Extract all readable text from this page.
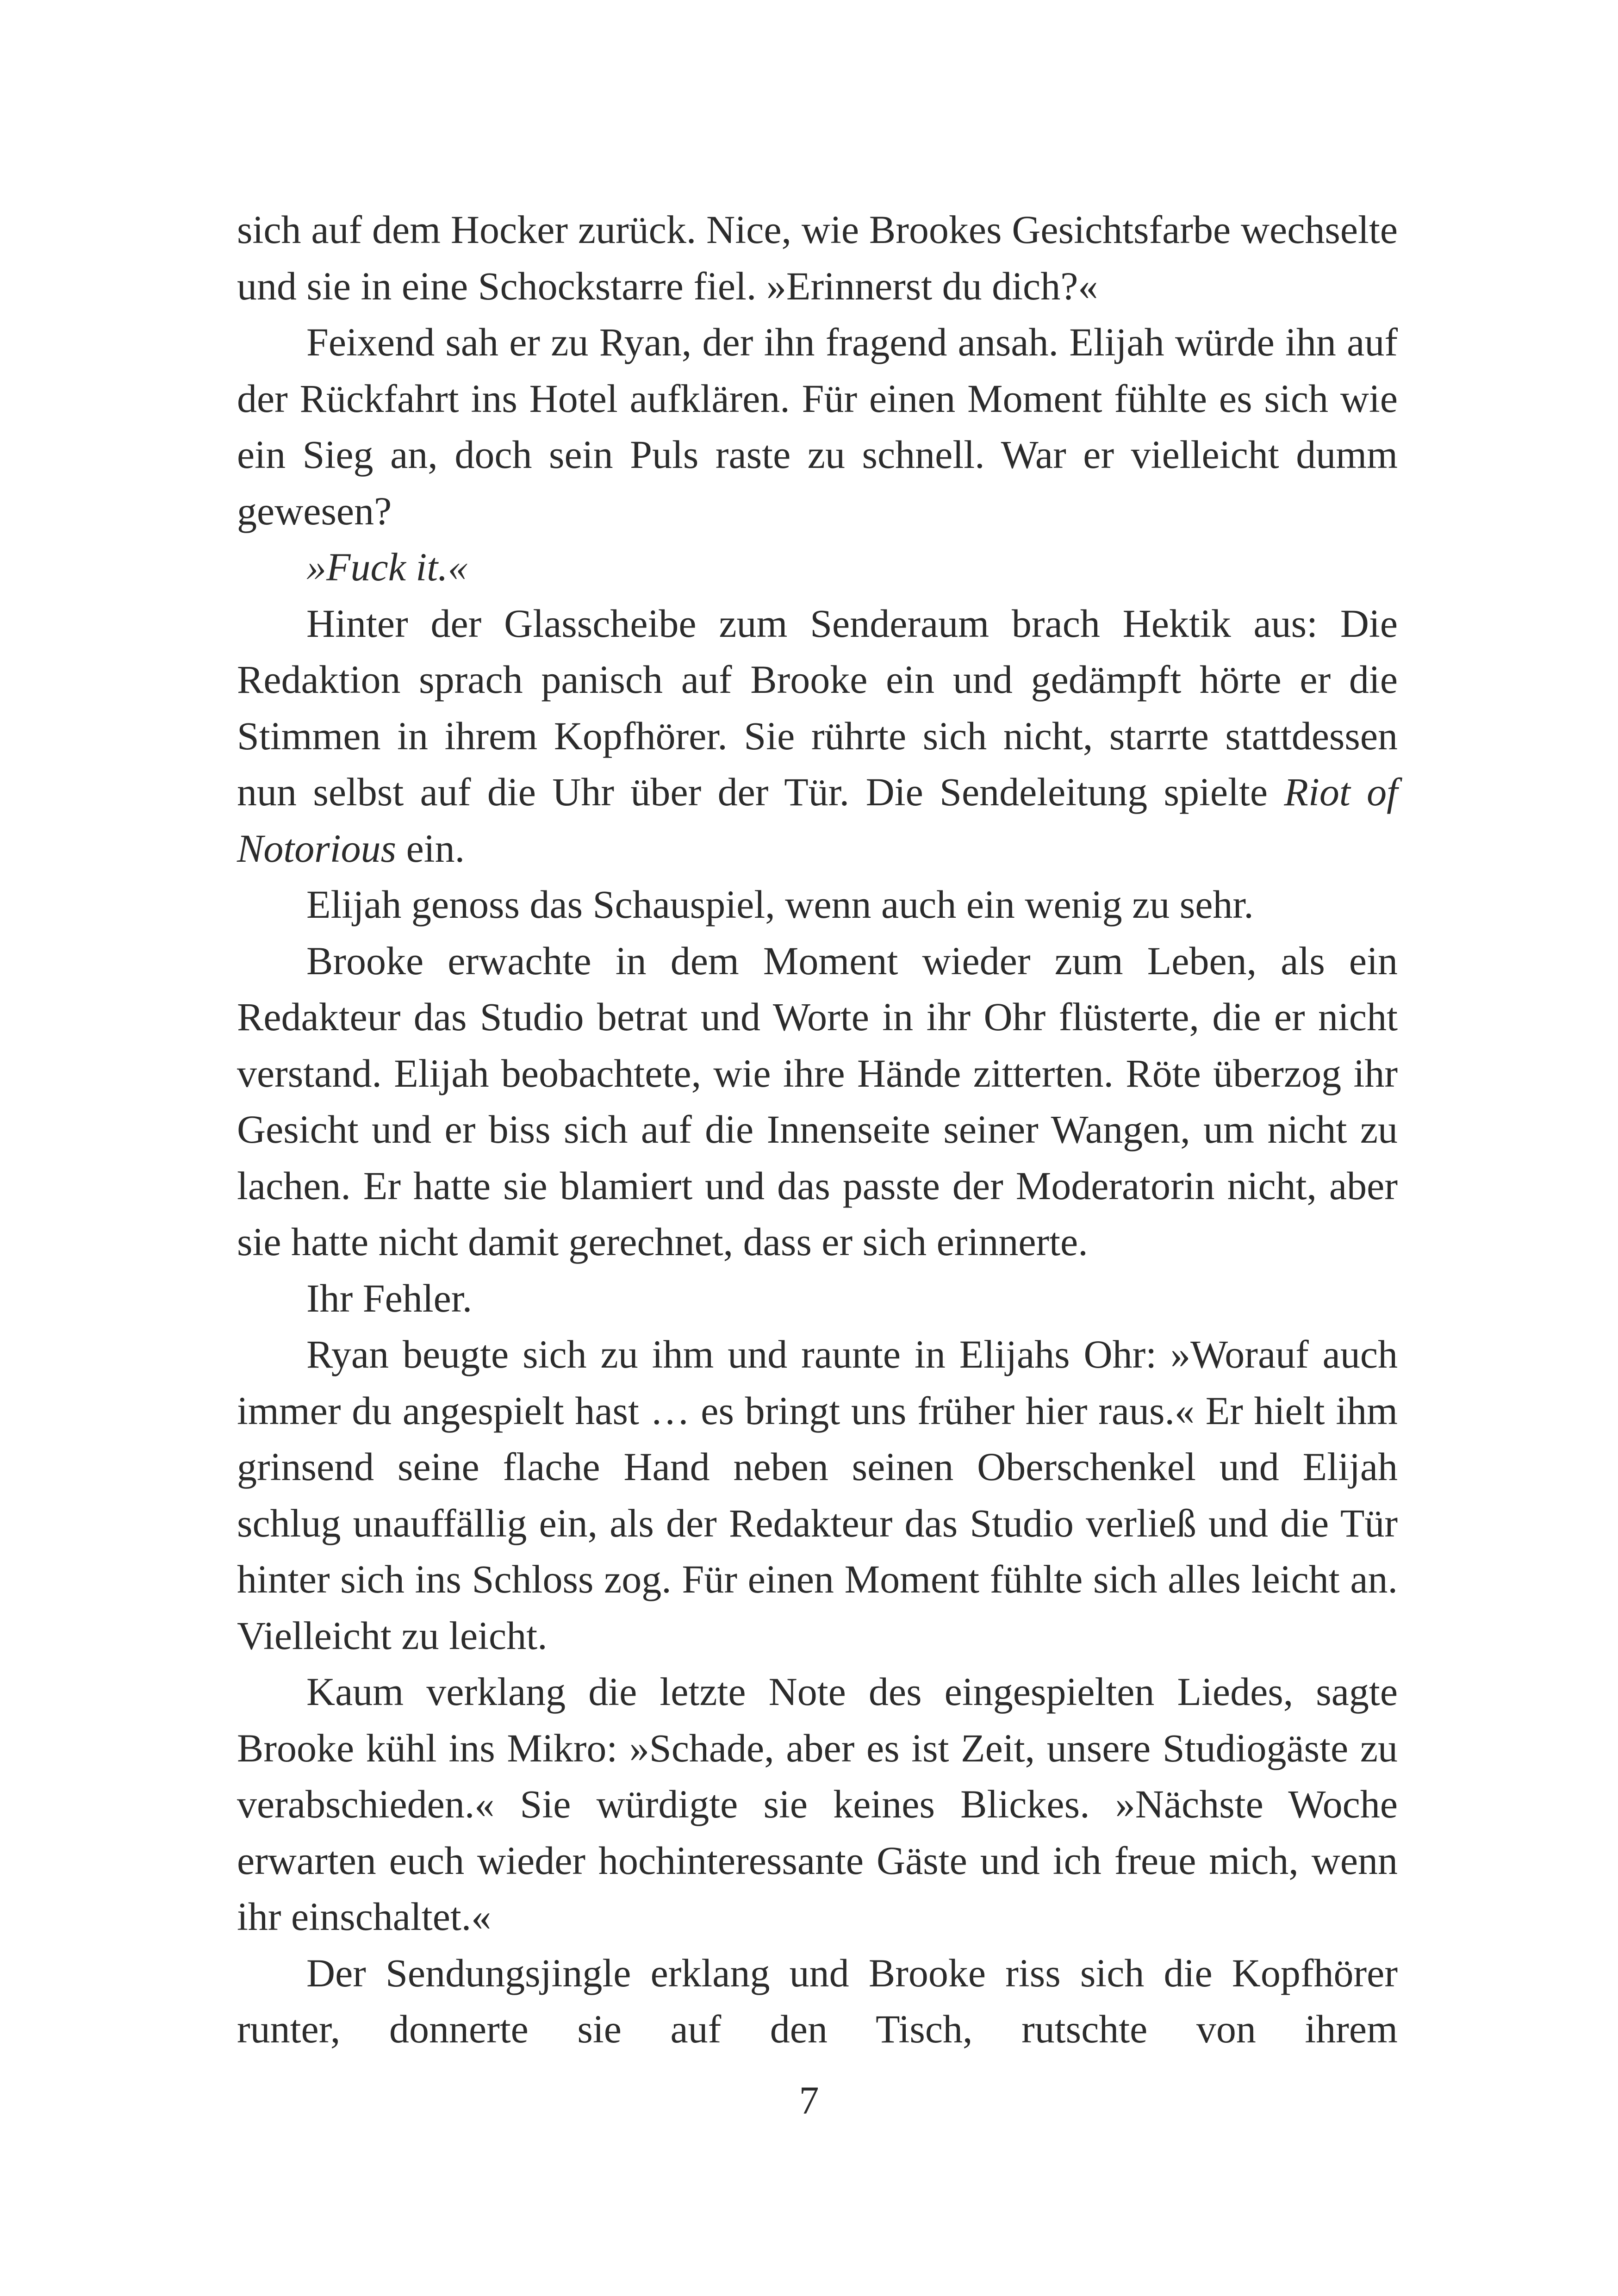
sich auf dem Hocker zurück. Nice, wie Brookes Gesichtsfarbe wechselte und sie in eine Schockstarre fiel. »Erinnerst du dich?«

Feixend sah er zu Ryan, der ihn fragend ansah. Elijah würde ihn auf der Rückfahrt ins Hotel aufklären. Für einen Moment fühlte es sich wie ein Sieg an, doch sein Puls raste zu schnell. War er vielleicht dumm gewesen?

»Fuck it.«

Hinter der Glasscheibe zum Senderaum brach Hektik aus: Die Redaktion sprach panisch auf Brooke ein und gedämpft hörte er die Stimmen in ihrem Kopfhörer. Sie rührte sich nicht, starrte stattdessen nun selbst auf die Uhr über der Tür. Die Sendeleitung spielte Riot of Notorious ein.

Elijah genoss das Schauspiel, wenn auch ein wenig zu sehr.

Brooke erwachte in dem Moment wieder zum Leben, als ein Redakteur das Studio betrat und Worte in ihr Ohr flüsterte, die er nicht verstand. Elijah beobachtete, wie ihre Hände zitterten. Röte überzog ihr Gesicht und er biss sich auf die Innenseite seiner Wangen, um nicht zu lachen. Er hatte sie blamiert und das passte der Moderatorin nicht, aber sie hatte nicht damit gerechnet, dass er sich erinnerte.

Ihr Fehler.

Ryan beugte sich zu ihm und raunte in Elijahs Ohr: »Worauf auch immer du angespielt hast … es bringt uns früher hier raus.« Er hielt ihm grinsend seine flache Hand neben seinen Oberschenkel und Elijah schlug unauffällig ein, als der Redakteur das Studio verließ und die Tür hinter sich ins Schloss zog. Für einen Moment fühlte sich alles leicht an. Vielleicht zu leicht.

Kaum verklang die letzte Note des eingespielten Liedes, sagte Brooke kühl ins Mikro: »Schade, aber es ist Zeit, unsere Studiogäste zu verabschieden.« Sie würdigte sie keines Blickes. »Nächste Woche erwarten euch wieder hochinteressante Gäste und ich freue mich, wenn ihr einschaltet.«

Der Sendungsjingle erklang und Brooke riss sich die Kopfhörer runter, donnerte sie auf den Tisch, rutschte von ihrem

7
